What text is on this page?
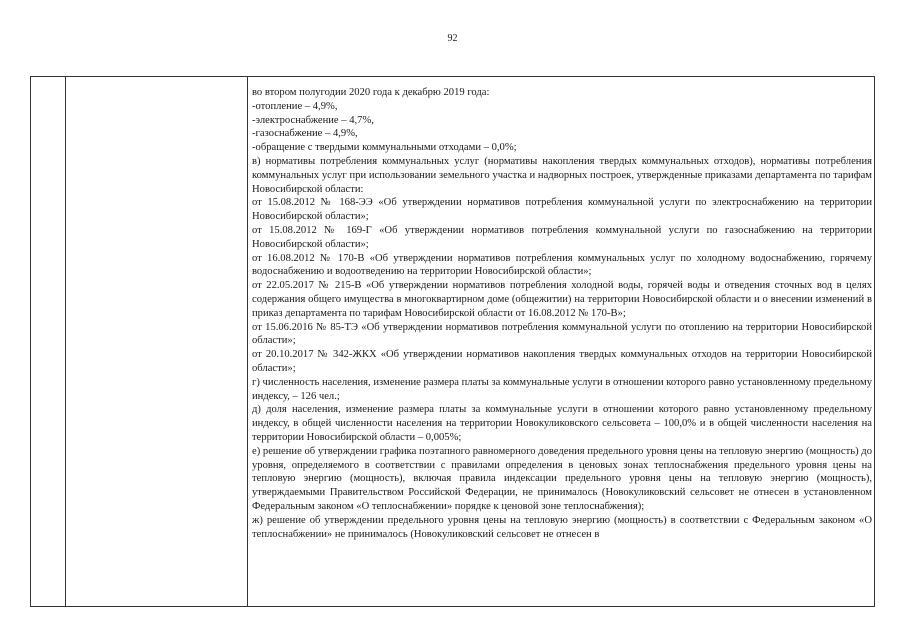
92

во втором полугодии 2020 года к декабрю 2019 года:

-отопление – 4,9%,

-электроснабжение – 4,7%,

-газоснабжение – 4,9%,

-обращение с твердыми коммунальными отходами – 0,0%;

в) нормативы потребления коммунальных услуг (нормативы накопления твердых коммунальных отходов), нормативы потребления коммунальных услуг при использовании земельного участка и надворных построек, утвержденные приказами департамента по тарифам Новосибирской области:

от 15.08.2012 № 168-ЭЭ «Об утверждении нормативов потребления коммунальной услуги по электроснабжению на территории Новосибирской области»;

от 15.08.2012 № 169-Г «Об утверждении нормативов потребления коммунальной услуги по газоснабжению на территории Новосибирской области»;

от 16.08.2012 № 170-В «Об утверждении нормативов потребления коммунальных услуг по холодному водоснабжению, горячему водоснабжению и водоотведению на территории Новосибирской области»;

от 22.05.2017 № 215-В «Об утверждении нормативов потребления холодной воды, горячей воды и отведения сточных вод в целях содержания общего имущества в многоквартирном доме (общежитии) на территории Новосибирской области и о внесении изменений в приказ департамента по тарифам Новосибирской области от 16.08.2012 № 170-В»;

от 15.06.2016 № 85-ТЭ «Об утверждении нормативов потребления коммунальной услуги по отоплению на территории Новосибирской области»;

от 20.10.2017 № 342-ЖКХ «Об утверждении нормативов накопления твердых коммунальных отходов на территории Новосибирской области»;

г) численность населения, изменение размера платы за коммунальные услуги в отношении которого равно установленному предельному индексу, – 126 чел.;

д) доля населения, изменение размера платы за коммунальные услуги в отношении которого равно установленному предельному индексу, в общей численности населения на территории Новокуликовского сельсовета – 100,0% и в общей численности населения на территории Новосибирской области – 0,005%;

е) решение об утверждении графика поэтапного равномерного доведения предельного уровня цены на тепловую энергию (мощность) до уровня, определяемого в соответствии с правилами определения в ценовых зонах теплоснабжения предельного уровня цены на тепловую энергию (мощность), включая правила индексации предельного уровня цены на тепловую энергию (мощность), утверждаемыми Правительством Российской Федерации, не принималось (Новокуликовский сельсовет не отнесен в установленном Федеральным законом «О теплоснабжении» порядке к ценовой зоне теплоснабжения);

ж) решение об утверждении предельного уровня цены на тепловую энергию (мощность) в соответствии с Федеральным законом «О теплоснабжении» не принималось (Новокуликовский сельсовет не отнесен в
